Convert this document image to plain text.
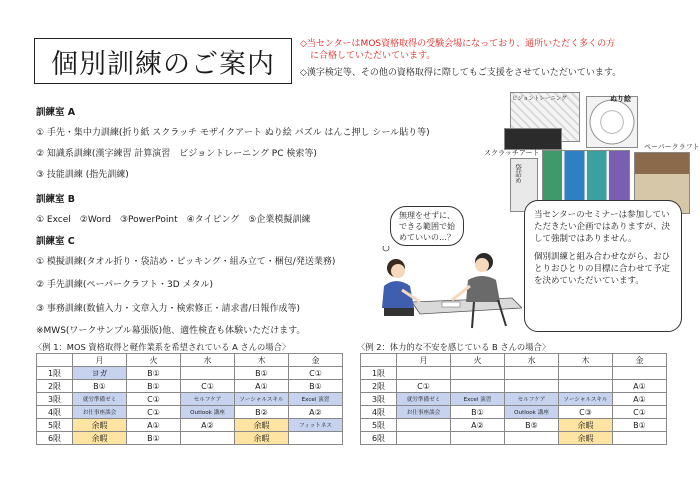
個別訓練のご案内
◇当センターはMOS資格取得の受験会場になっており、通所いただく多くの方
に合格していただいています。
◇漢字検定等、その他の資格取得に際してもご支援をさせていただいています。
訓練室 A
① 手先・集中力訓練(折り紙 スクラッチ モザイクアート ぬり絵 パズル はんこ押し シール貼り等)
② 知識系訓練(漢字練習 計算演習　ビジョントレーニング PC 検索等)
③ 技能訓練 (指先訓練)
訓練室 B
① Excel　②Word　③PowerPoint　④タイピング　⑤企業模擬訓練
訓練室 C
① 模擬訓練(タオル折り・袋詰め・ピッキング・組み立て・梱包/発送業務)
② 手先訓練(ペーパークラフト・3D メタル)
③ 事務訓練(数値入力・文章入力・検索修正・請求書/日報作成等)
※MWS(ワークサンプル幕張版)他、適性検査も体験いただけます。
ビジョントレーニング	ぬり絵
スクラッチアート
ペーパークラフト
袋詰め
無理をせずに、できる範囲で始めていいの…？

当センターのセミナーは参加していただきたい企画ではありますが、決して強制ではありません。

個別訓練と組み合わせながら、おひとりおひとりの目標に合わせて予定を決めていただいています。

〈例 1：MOS 資格取得と軽作業系を希望されている A さんの場合〉
	月	火	水	木	金
1限	ヨガ	B①		B①	C①
2限	B①	B①	C①	A①	B①
3限	就労準備ゼミ	C①	セルフケア	ソーシャルスキル	Excel 演習
4限	お仕事座談会	C①	Outlook 講座	B②	A②
5限	余暇	A①	A②	余暇	フィットネス
6限	余暇	B①		余暇	
〈例 2：体力的な不安を感じている B さんの場合〉
	月	火	水	木	金
1限					
2限	C①				A①
3限	就労準備ゼミ	Excel 演習	セルフケア	ソーシャルスキル	A①
4限	お仕事座談会	B①	Outlook 講座	C③	C①
5限		A②	B⑤	余暇	B①
6限				余暇	
